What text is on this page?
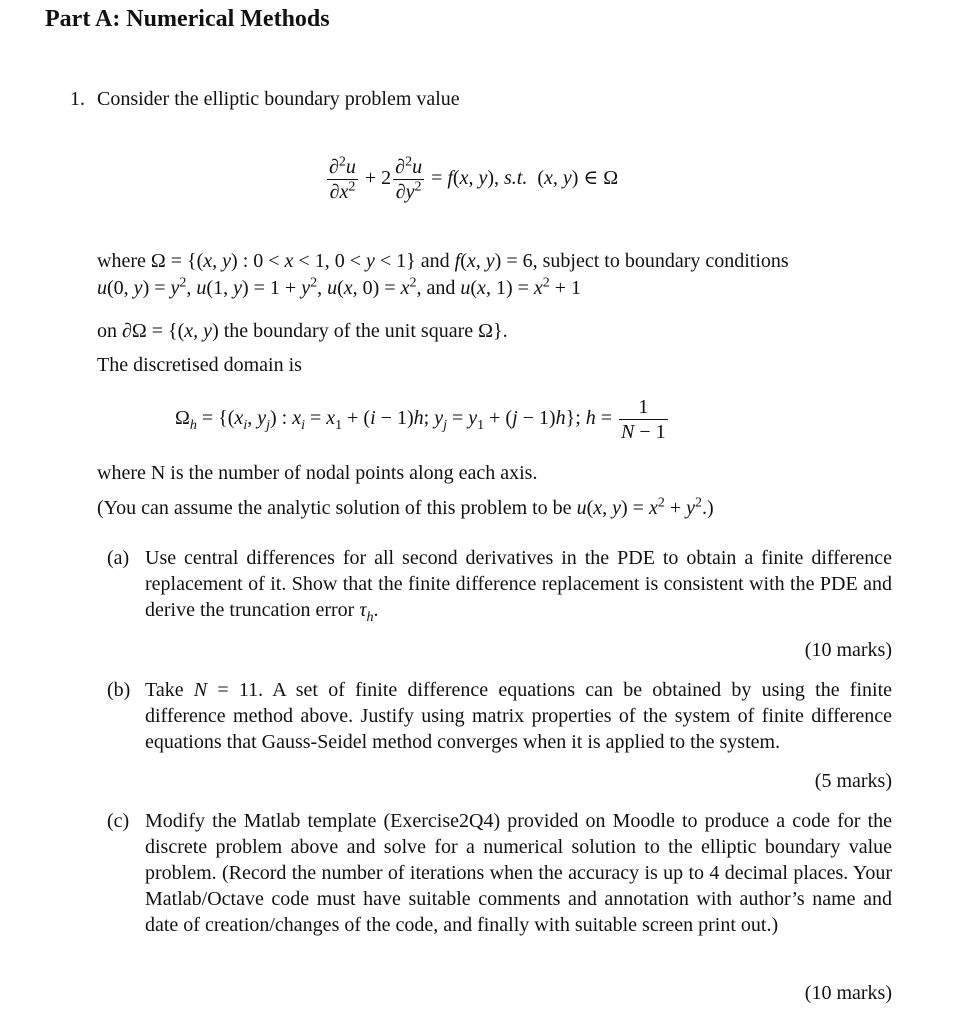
Part A: Numerical Methods
1. Consider the elliptic boundary problem value
$\frac{\partial^2u}{\partial x^2} + 2 \frac{\partial^2u}{\partial y^2} = f(x$, y), s.t.  (x, y) ∈ Ω
where Ω = {(x, y) : 0 < x < 1, 0 < y < 1} and f(x, y) = 6, subject to boundary conditions
u(0, $y) = y^2$, u(1, $y) = 1 + y^2$, u(x, $0) = x^2$, and u(x, $1) = x^2 + 1$
on ∂Ω = {(x, y) the boundary of the unit square Ω}.
The discretised domain is
$\Omega_h = \{(x_i$, $y_j$) : $x_i = x_1 + (i - 1)h$; $y_j = y_1 + (j - 1)h$}; $h = \frac{1}{N - 1}$
where N is the number of nodal points along each axis.
(You can assume the analytic solution of this problem to be u(x, $y) = x^2 + y^2$.)
(a) Use central differences for all second derivatives in the PDE to obtain a finite difference replacement of it. Show that the finite difference replacement is consistent with the PDE and derive the truncation error $\tau_h$.
(10 marks)
(b) Take N = 11. A set of finite difference equations can be obtained by using the finite difference method above. Justify using matrix properties of the system of finite difference equations that Gauss-Seidel method converges when it is applied to the system.
(5 marks)
(c) Modify the Matlab template (Exercise2Q4) provided on Moodle to produce a code for the discrete problem above and solve for a numerical solution to the elliptic boundary value problem. (Record the number of iterations when the accuracy is up to 4 decimal places. Your Matlab/Octave code must have suitable comments and annotation with author’s name and date of creation/changes of the code, and finally with suitable screen print out.)
(10 marks)
